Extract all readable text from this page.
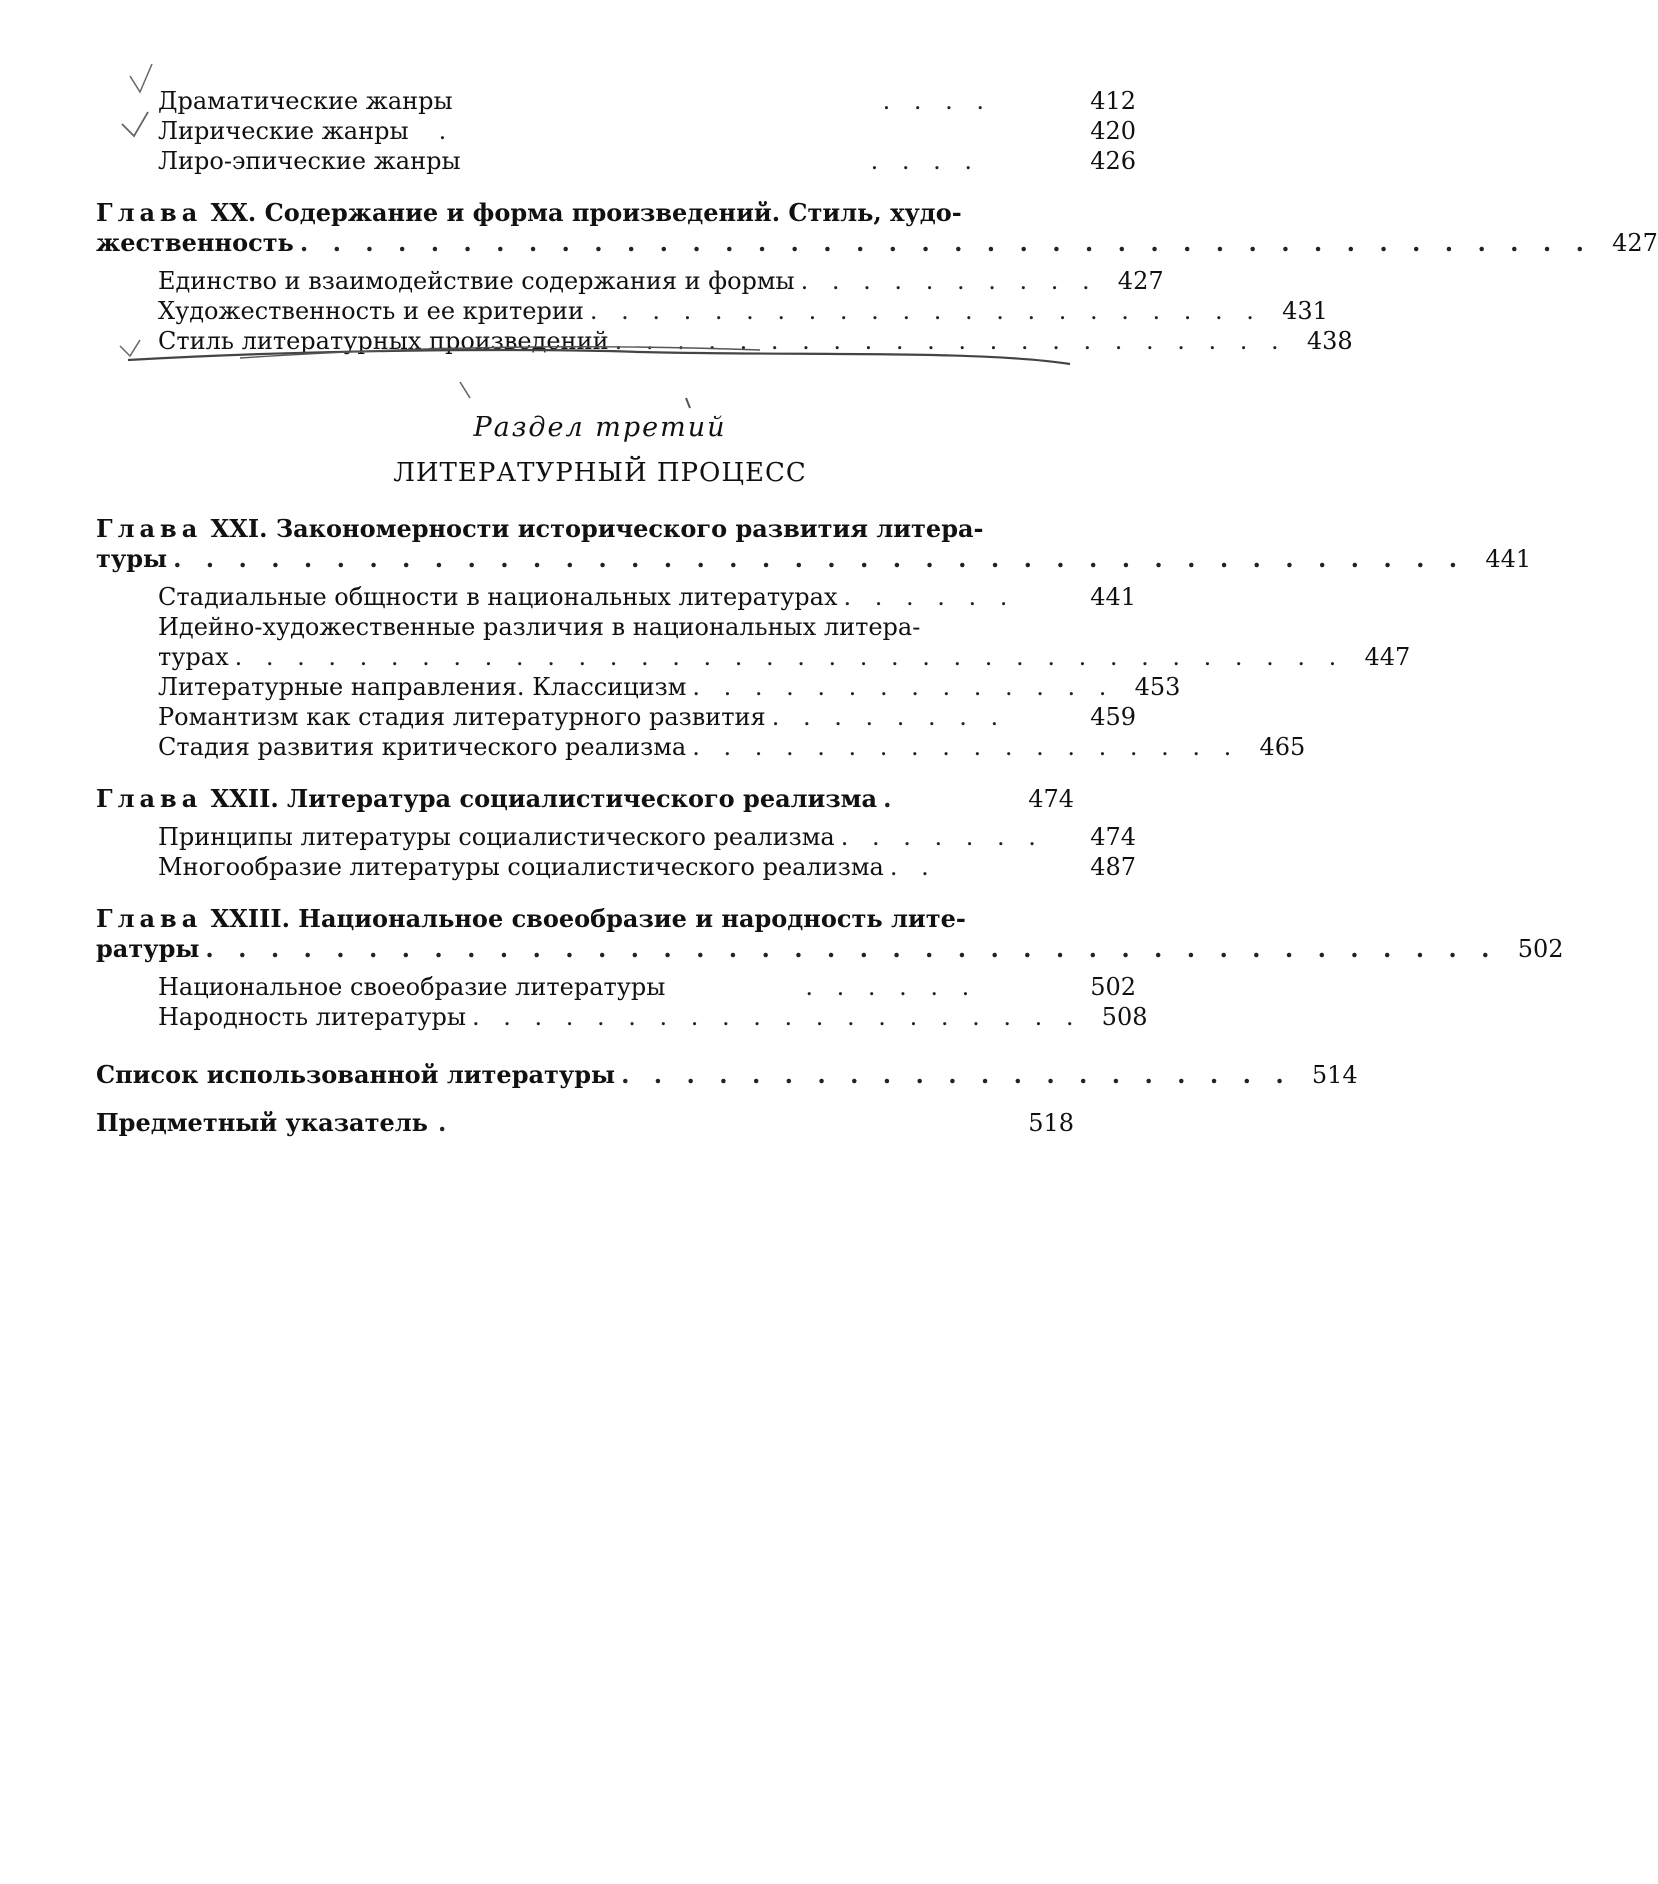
Драматические жанры	. . . .	412
Лирические жанры	.	420
Лиро-эпические жанры	. . . .	426
Глава XX. Содержание и форма произведений. Стиль, худо-
жественность . . . . . . . . . . . . . . . . . . . . . . . . . . . . . . . . . . . . . . . . 427
Единство и взаимодействие содержания и формы . . . . . . . . . . 427
Художественность и ее критерии . . . . . . . . . . . . . . . . . . . . . . 431
Стиль литературных произведений . . . . . . . . . . . . . . . . . . . . . . 438
Раздел третий
ЛИТЕРАТУРНЫЙ ПРОЦЕСС
Глава XXI. Закономерности исторического развития литера-
туры . . . . . . . . . . . . . . . . . . . . . . . . . . . . . . . . . . . . . . . . 441
Стадиальные общности в национальных литературах . . . . . .	441
Идейно-художественные различия в национальных литера-
турах . . . . . . . . . . . . . . . . . . . . . . . . . . . . . . . . . . . . 447
Литературные направления. Классицизм . . . . . . . . . . . . . . 453
Романтизм как стадия литературного развития . . . . . . . .	459
Стадия развития критического реализма . . . . . . . . . . . . . . . . . . 465
Глава XXII. Литература социалистического реализма .	474
Принципы литературы социалистического реализма . . . . . . .	474
Многообразие литературы социалистического реализма . .	487
Глава XXIII. Национальное своеобразие и народность лите-
ратуры . . . . . . . . . . . . . . . . . . . . . . . . . . . . . . . . . . . . . . . . 502
Национальное своеобразие литературы	. . . . . .	502
Народность литературы . . . . . . . . . . . . . . . . . . . . 508
Список использованной литературы . . . . . . . . . . . . . . . . . . . . . 514
Предметный указатель .	518
